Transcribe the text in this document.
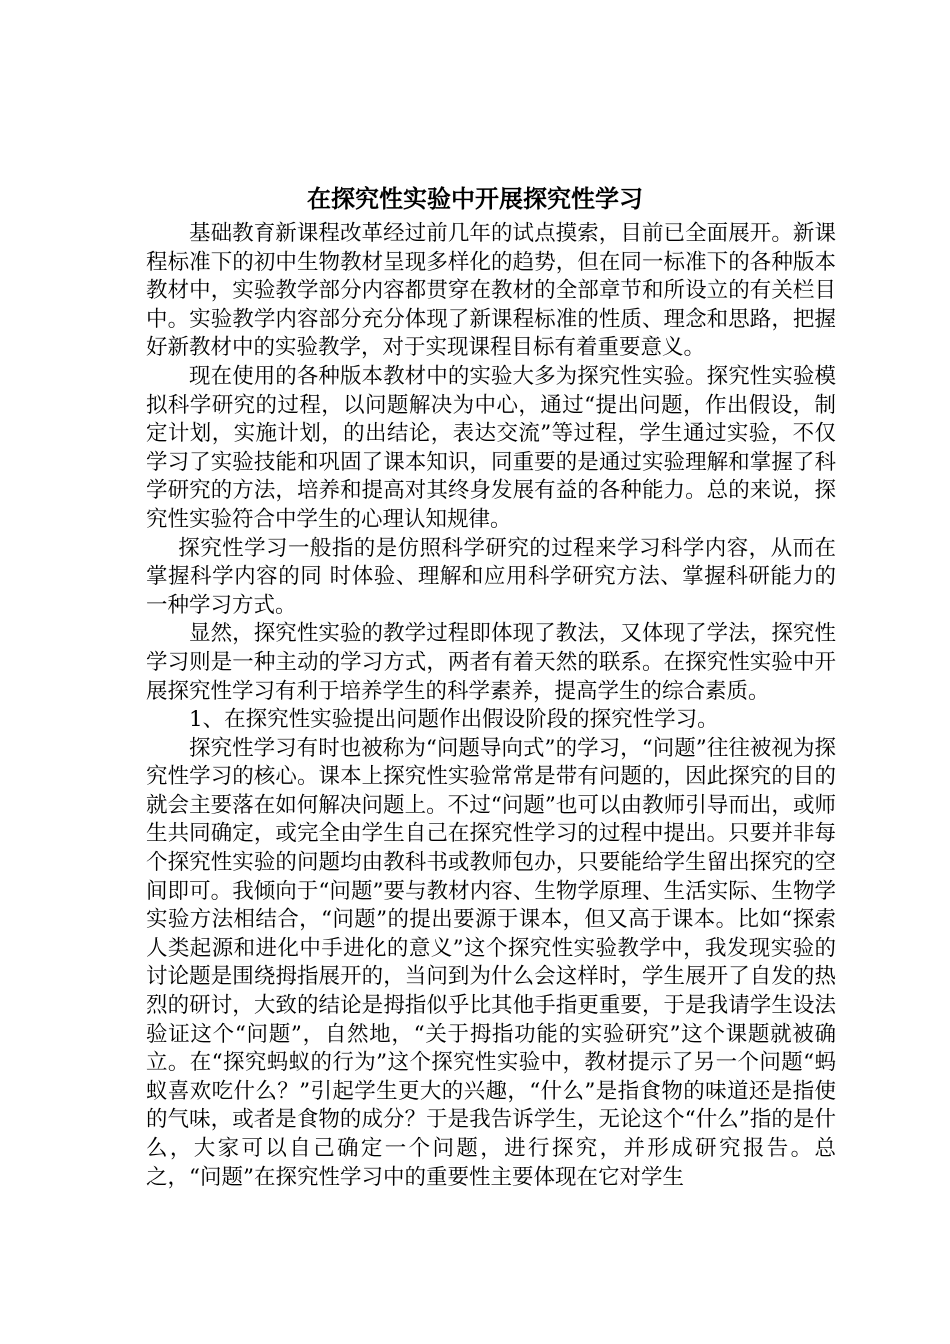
在探究性实验中开展探究性学习

基础教育新课程改革经过前几年的试点摸索，目前已全面展开。新课程标准下的初中生物教材呈现多样化的趋势，但在同一标准下的各种版本教材中，实验教学部分内容都贯穿在教材的全部章节和所设立的有关栏目中。实验教学内容部分充分体现了新课程标准的性质、理念和思路，把握好新教材中的实验教学，对于实现课程目标有着重要意义。

现在使用的各种版本教材中的实验大多为探究性实验。探究性实验模拟科学研究的过程，以问题解决为中心，通过“提出问题，作出假设，制定计划，实施计划，的出结论，表达交流”等过程，学生通过实验，不仅学习了实验技能和巩固了课本知识，同重要的是通过实验理解和掌握了科学研究的方法，培养和提高对其终身发展有益的各种能力。总的来说，探究性实验符合中学生的心理认知规律。

探究性学习一般指的是仿照科学研究的过程来学习科学内容，从而在掌握科学内容的同 时体验、理解和应用科学研究方法、掌握科研能力的一种学习方式。

显然，探究性实验的教学过程即体现了教法，又体现了学法，探究性学习则是一种主动的学习方式，两者有着天然的联系。在探究性实验中开展探究性学习有利于培养学生的科学素养，提高学生的综合素质。

1、在探究性实验提出问题作出假设阶段的探究性学习。

探究性学习有时也被称为“问题导向式”的学习，“问题”往往被视为探究性学习的核心。课本上探究性实验常常是带有问题的，因此探究的目的就会主要落在如何解决问题上。不过“问题”也可以由教师引导而出，或师生共同确定，或完全由学生自己在探究性学习的过程中提出。只要并非每个探究性实验的问题均由教科书或教师包办，只要能给学生留出探究的空间即可。我倾向于“问题”要与教材内容、生物学原理、生活实际、生物学实验方法相结合，“问题”的提出要源于课本，但又高于课本。比如“探索人类起源和进化中手进化的意义”这个探究性实验教学中，我发现实验的讨论题是围绕拇指展开的，当问到为什么会这样时，学生展开了自发的热烈的研讨，大致的结论是拇指似乎比其他手指更重要，于是我请学生设法验证这个“问题”，自然地，“关于拇指功能的实验研究”这个课题就被确立。在“探究蚂蚁的行为”这个探究性实验中，教材提示了另一个问题“蚂蚁喜欢吃什么？”引起学生更大的兴趣，“什么”是指食物的味道还是指使的气味，或者是食物的成分？于是我告诉学生，无论这个“什么”指的是什么，大家可以自己确定一个问题，进行探究，并形成研究报告。总之，“问题”在探究性学习中的重要性主要体现在它对学生
